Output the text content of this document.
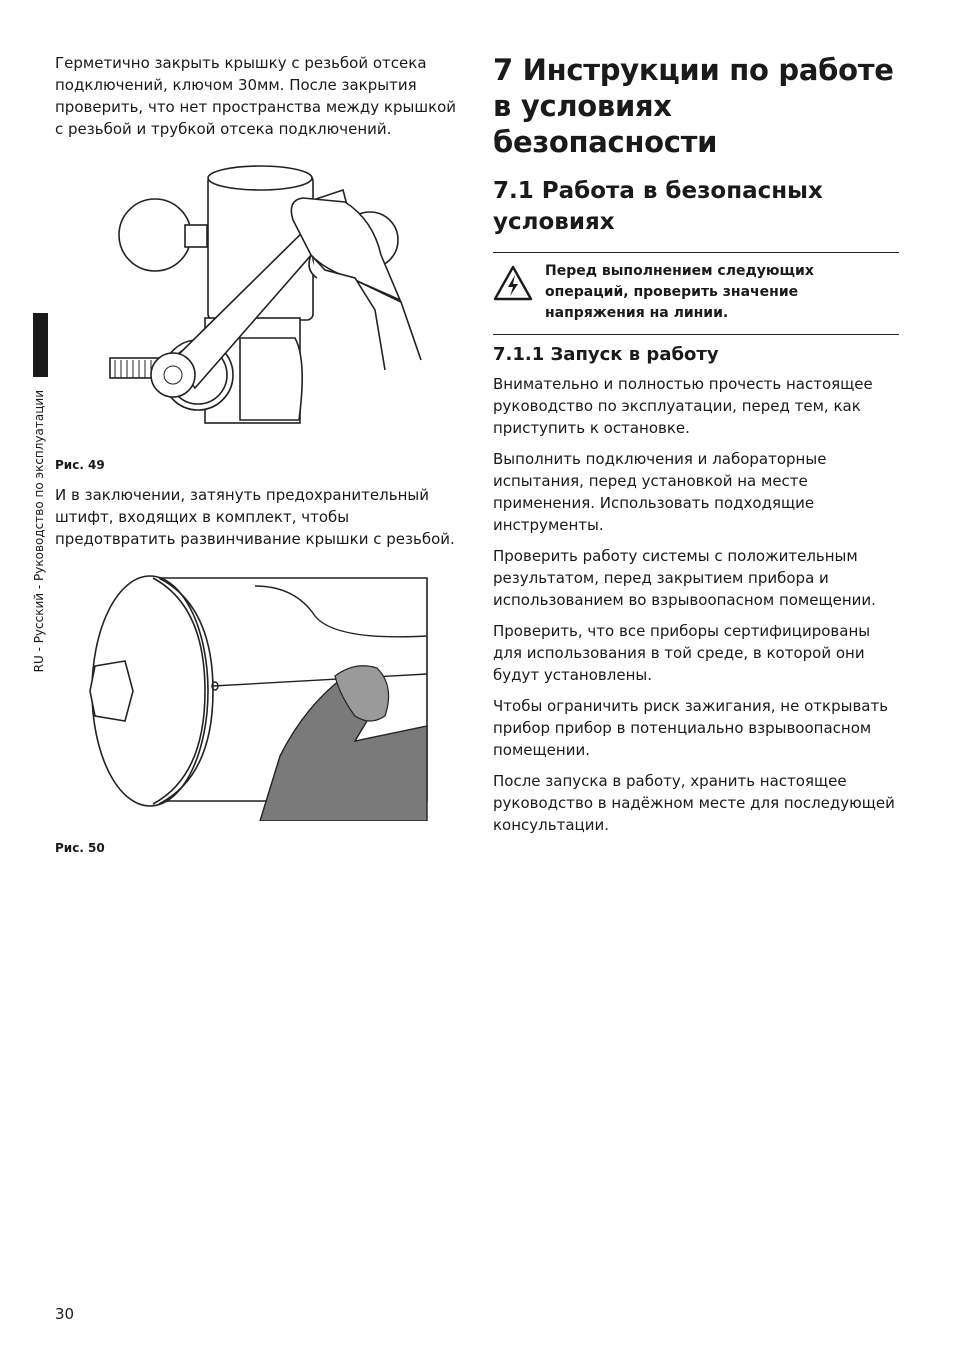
RU - Русский - Руководство по эксплуатации

Герметично закрыть крышку с резьбой отсека подключений, ключом 30мм. После закрытия проверить, что нет пространства между крышкой с резьбой и трубкой отсека подключений.

Рис. 49

И в заключении, затянуть предохранительный штифт, входящих в комплект, чтобы предотвратить развинчивание крышки с резьбой.

Рис. 50

7 Инструкции по работе в условиях безопасности
7.1 Работа в безопасных условиях

Перед выполнением следующих операций, проверить значение напряжения на линии.

7.1.1 Запуск в работу

Внимательно и полностью прочесть настоящее руководство по эксплуатации, перед тем, как приступить к остановке.

Выполнить подключения и лабораторные испытания, перед установкой на месте применения. Использовать подходящие инструменты.

Проверить работу системы с положительным результатом, перед закрытием прибора и использованием во взрывоопасном помещении.

Проверить, что все приборы сертифицированы для использования в той среде, в которой они будут установлены.

Чтобы ограничить риск зажигания, не открывать прибор прибор в потенциально взрывоопасном помещении.

После запуска в работу, хранить настоящее руководство в надёжном месте для последующей консультации.

30
